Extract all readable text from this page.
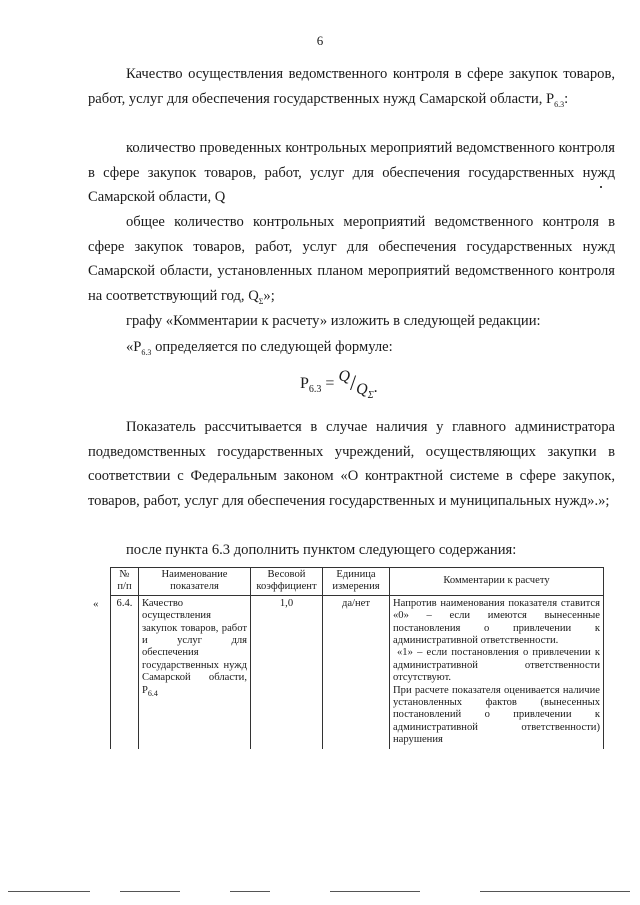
6

Качество осуществления ведомственного контроля в сфере закупок товаров, работ, услуг для обеспечения государственных нужд Самарской области, $P_{6.3}$:

количество проведенных контрольных мероприятий ведомственного контроля в сфере закупок товаров, работ, услуг для обеспечения государственных нужд Самарской области, Q

общее количество контрольных мероприятий ведомственного контроля в сфере закупок товаров, работ, услуг для обеспечения государственных нужд Самарской области, установленных планом мероприятий ведомственного контроля на соответствующий год, $Q_\Sigma$»;

графу «Комментарии к расчету» изложить в следующей редакции:

«$P_{6.3}$ определяется по следующей формуле:

$P_{6.3} = Q/Q_\Sigma$.

Показатель рассчитывается в случае наличия у главного администратора подведомственных государственных учреждений, осуществляющих закупки в соответствии с Федеральным законом «О контрактной системе в сфере закупок, товаров, работ, услуг для обеспечения государственных и муниципальных нужд».»;

после пункта 6.3 дополнить пунктом следующего содержания:

«
№ п/п	Наименование показателя	Весовой коэффициент	Единица измерения	Комментарии к расчету
6.4.	Качество осуществления закупок товаров, работ и услуг для обеспечения государственных нужд Самарской области, $P_{6.4}$	1,0	да/нет	Напротив наименования показателя ставится «0» – если имеются вынесенные постановления о привлечении к административной ответственности.

«1» – если постановления о привлечении к административной ответственности отсутствуют.

При расчете показателя оценивается наличие установленных фактов (вынесенных постановлений о привлечении к административной ответственности) нарушения
